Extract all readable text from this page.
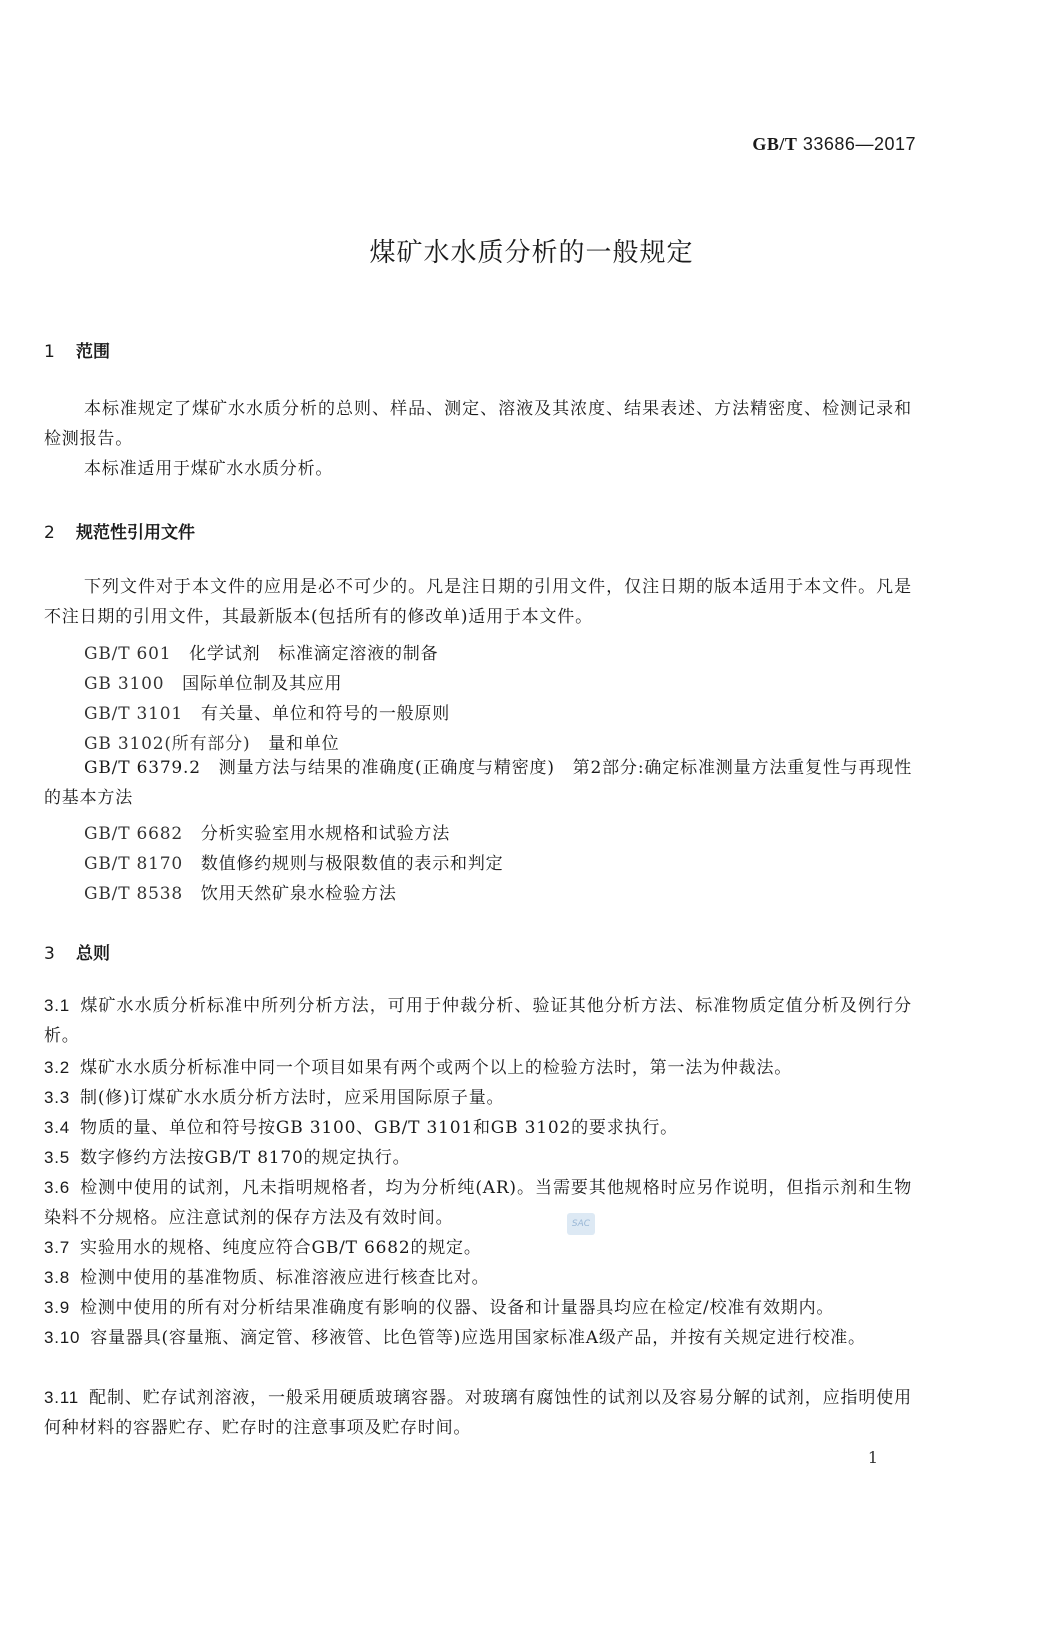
GB/T 33686—2017
煤矿水水质分析的一般规定
1 范围
本标准规定了煤矿水水质分析的总则、样品、测定、溶液及其浓度、结果表述、方法精密度、检测记录和检测报告。
本标准适用于煤矿水水质分析。
2 规范性引用文件
下列文件对于本文件的应用是必不可少的。凡是注日期的引用文件，仅注日期的版本适用于本文件。凡是不注日期的引用文件，其最新版本(包括所有的修改单)适用于本文件。
GB/T 601　 化学试剂　标准滴定溶液的制备
GB 3100　 国际单位制及其应用
GB/T 3101　 有关量、单位和符号的一般原则
GB 3102(所有部分)　 量和单位
GB/T 6379.2　 测量方法与结果的准确度(正确度与精密度)　第2部分:确定标准测量方法重复性与再现性的基本方法
GB/T 6682　 分析实验室用水规格和试验方法
GB/T 8170　 数值修约规则与极限数值的表示和判定
GB/T 8538　 饮用天然矿泉水检验方法
3 总则
3.1 煤矿水水质分析标准中所列分析方法，可用于仲裁分析、验证其他分析方法、标准物质定值分析及例行分析。
3.2 煤矿水水质分析标准中同一个项目如果有两个或两个以上的检验方法时，第一法为仲裁法。
3.3 制(修)订煤矿水水质分析方法时，应采用国际原子量。
3.4 物质的量、单位和符号按GB 3100、GB/T 3101和GB 3102的要求执行。
3.5 数字修约方法按GB/T 8170的规定执行。
3.6 检测中使用的试剂，凡未指明规格者，均为分析纯(AR)。当需要其他规格时应另作说明，但指示剂和生物染料不分规格。应注意试剂的保存方法及有效时间。
3.7 实验用水的规格、纯度应符合GB/T 6682的规定。
3.8 检测中使用的基准物质、标准溶液应进行核查比对。
3.9 检测中使用的所有对分析结果准确度有影响的仪器、设备和计量器具均应在检定/校准有效期内。
3.10 容量器具(容量瓶、滴定管、移液管、比色管等)应选用国家标准A级产品，并按有关规定进行校准。
3.11 配制、贮存试剂溶液，一般采用硬质玻璃容器。对玻璃有腐蚀性的试剂以及容易分解的试剂，应指明使用何种材料的容器贮存、贮存时的注意事项及贮存时间。
SAC
1
